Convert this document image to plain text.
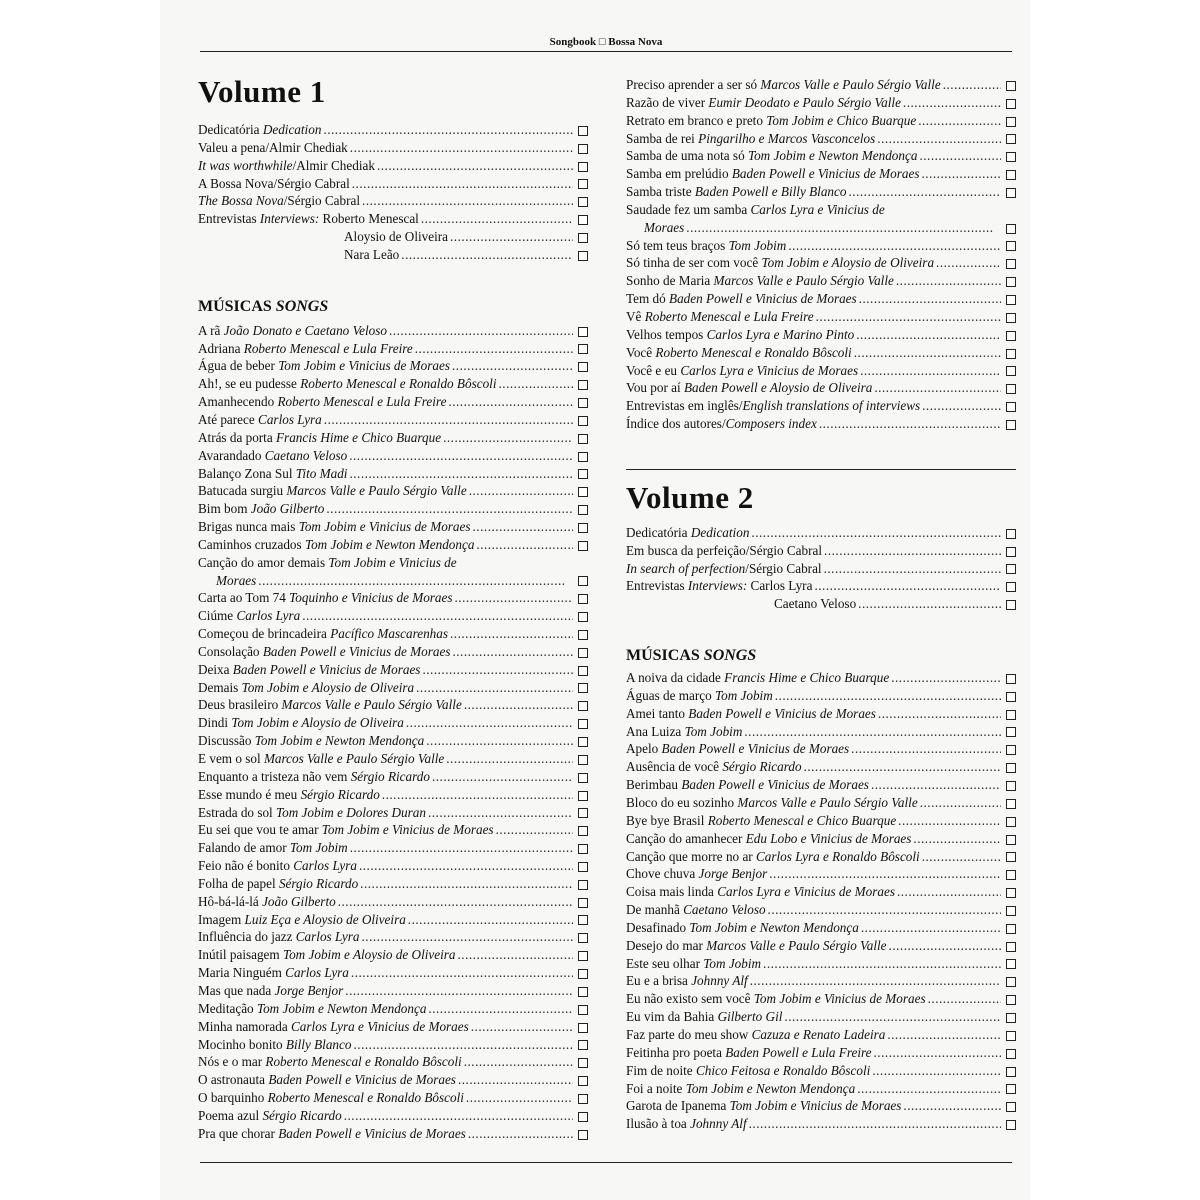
Songbook □ Bossa Nova
Volume 1
Dedicatória Dedication
. . .
Valeu a pena/Almir Chediak
. . .
It was worthwhile/Almir Chediak
. . .
A Bossa Nova/Sérgio Cabral
. . .
The Bossa Nova/Sérgio Cabral
. . .
Entrevistas Interviews: Roberto Menescal
. . .
Aloysio de Oliveira
. . .
Nara Leão
. . .
MÚSICAS SONGS
A rã João Donato e Caetano Veloso
. . .
Adriana Roberto Menescal e Lula Freire
. . .
Água de beber Tom Jobim e Vinicius de Moraes
. . .
Ah!, se eu pudesse Roberto Menescal e Ronaldo Bôscoli
. . .
Amanhecendo Roberto Menescal e Lula Freire
. . .
Até parece Carlos Lyra
. . .
Atrás da porta Francis Hime e Chico Buarque
. . .
Avarandado Caetano Veloso
. . .
Balanço Zona Sul Tito Madi
. . .
Batucada surgiu Marcos Valle e Paulo Sérgio Valle
. . .
Bim bom João Gilberto
. . .
Brigas nunca mais Tom Jobim e Vinicius de Moraes
. . .
Caminhos cruzados Tom Jobim e Newton Mendonça
. . .
Canção do amor demais Tom Jobim e Vinicius de
Moraes
. . .
Carta ao Tom 74 Toquinho e Vinicius de Moraes
. . .
Ciúme Carlos Lyra
. . .
Começou de brincadeira Pacífico Mascarenhas
. . .
Consolação Baden Powell e Vinicius de Moraes
. . .
Deixa Baden Powell e Vinicius de Moraes
. . .
Demais Tom Jobim e Aloysio de Oliveira
. . .
Deus brasileiro Marcos Valle e Paulo Sérgio Valle
. . .
Dindi Tom Jobim e Aloysio de Oliveira
. . .
Discussão Tom Jobim e Newton Mendonça
. . .
E vem o sol Marcos Valle e Paulo Sérgio Valle
. . .
Enquanto a tristeza não vem Sérgio Ricardo
. . .
Esse mundo é meu Sérgio Ricardo
. . .
Estrada do sol Tom Jobim e Dolores Duran
. . .
Eu sei que vou te amar Tom Jobim e Vinicius de Moraes
. . .
Falando de amor Tom Jobim
. . .
Feio não é bonito Carlos Lyra
. . .
Folha de papel Sérgio Ricardo
. . .
Hô-bá-lá-lá João Gilberto
. . .
Imagem Luiz Eça e Aloysio de Oliveira
. . .
Influência do jazz Carlos Lyra
. . .
Inútil paisagem Tom Jobim e Aloysio de Oliveira
. . .
Maria Ninguém Carlos Lyra
. . .
Mas que nada Jorge Benjor
. . .
Meditação Tom Jobim e Newton Mendonça
. . .
Minha namorada Carlos Lyra e Vinicius de Moraes
. . .
Mocinho bonito Billy Blanco
. . .
Nós e o mar Roberto Menescal e Ronaldo Bôscoli
. . .
O astronauta Baden Powell e Vinicius de Moraes
. . .
O barquinho Roberto Menescal e Ronaldo Bôscoli
. . .
Poema azul Sérgio Ricardo
. . .
Pra que chorar Baden Powell e Vinicius de Moraes
. . .
Preciso aprender a ser só Marcos Valle e Paulo Sérgio Valle
. . .
Razão de viver Eumir Deodato e Paulo Sérgio Valle
. . .
Retrato em branco e preto Tom Jobim e Chico Buarque
. . .
Samba de rei Pingarilho e Marcos Vasconcelos
. . .
Samba de uma nota só Tom Jobim e Newton Mendonça
. . .
Samba em prelúdio Baden Powell e Vinicius de Moraes
. . .
Samba triste Baden Powell e Billy Blanco
. . .
Saudade fez um samba Carlos Lyra e Vinicius de
Moraes
. . .
Só tem teus braços Tom Jobim
. . .
Só tinha de ser com você Tom Jobim e Aloysio de Oliveira
. . .
Sonho de Maria Marcos Valle e Paulo Sérgio Valle
. . .
Tem dó Baden Powell e Vinicius de Moraes
. . .
Vê Roberto Menescal e Lula Freire
. . .
Velhos tempos Carlos Lyra e Marino Pinto
. . .
Você Roberto Menescal e Ronaldo Bôscoli
. . .
Você e eu Carlos Lyra e Vinicius de Moraes
. . .
Vou por aí Baden Powell e Aloysio de Oliveira
. . .
Entrevistas em inglês/English translations of interviews
. . .
Índice dos autores/Composers index
. . .
Volume 2
Dedicatória Dedication
. . .
Em busca da perfeição/Sérgio Cabral
. . .
In search of perfection/Sérgio Cabral
. . .
Entrevistas Interviews: Carlos Lyra
. . .
Caetano Veloso
. . .
MÚSICAS SONGS
A noiva da cidade Francis Hime e Chico Buarque
. . .
Águas de março Tom Jobim
. . .
Amei tanto Baden Powell e Vinicius de Moraes
. . .
Ana Luiza Tom Jobim
. . .
Apelo Baden Powell e Vinicius de Moraes
. . .
Ausência de você Sérgio Ricardo
. . .
Berimbau Baden Powell e Vinicius de Moraes
. . .
Bloco do eu sozinho Marcos Valle e Paulo Sérgio Valle
. . .
Bye bye Brasil Roberto Menescal e Chico Buarque
. . .
Canção do amanhecer Edu Lobo e Vinicius de Moraes
. . .
Canção que morre no ar Carlos Lyra e Ronaldo Bôscoli
. . .
Chove chuva Jorge Benjor
. . .
Coisa mais linda Carlos Lyra e Vinicius de Moraes
. . .
De manhã Caetano Veloso
. . .
Desafinado Tom Jobim e Newton Mendonça
. . .
Desejo do mar Marcos Valle e Paulo Sérgio Valle
. . .
Este seu olhar Tom Jobim
. . .
Eu e a brisa Johnny Alf
. . .
Eu não existo sem você Tom Jobim e Vinicius de Moraes
. . .
Eu vim da Bahia Gilberto Gil
. . .
Faz parte do meu show Cazuza e Renato Ladeira
. . .
Feitinha pro poeta Baden Powell e Lula Freire
. . .
Fim de noite Chico Feitosa e Ronaldo Bôscoli
. . .
Foi a noite Tom Jobim e Newton Mendonça
. . .
Garota de Ipanema Tom Jobim e Vinicius de Moraes
. . .
Ilusão à toa Johnny Alf
. . .
